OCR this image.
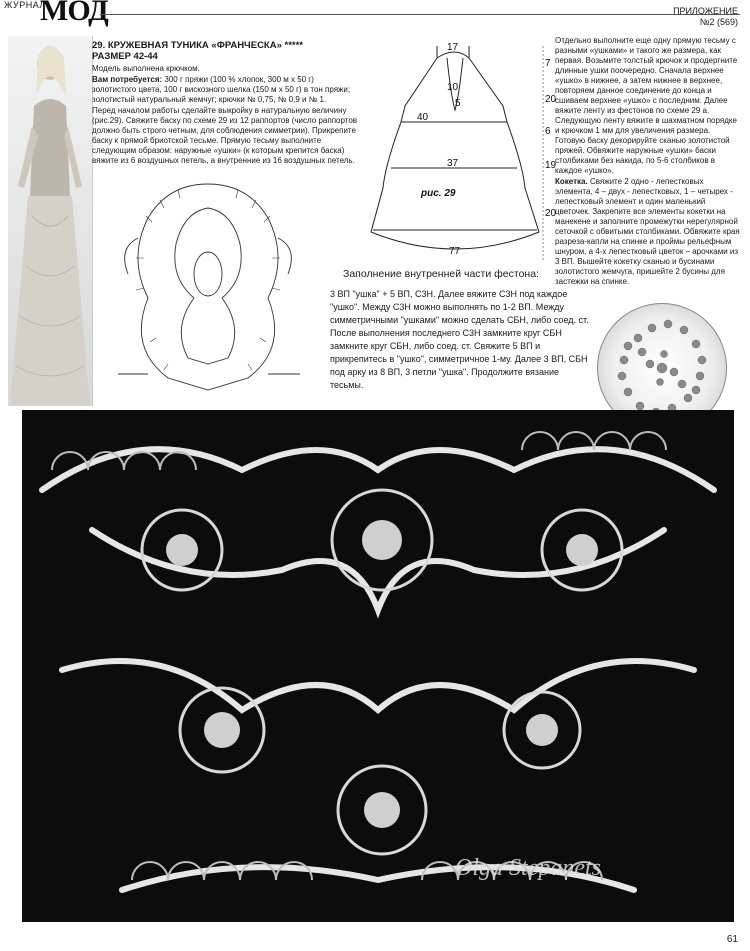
ЖУРНАЛ
МОД	ПРИЛОЖЕНИЕ
№2 (569)
29. КРУЖЕВНАЯ ТУНИКА «ФРАНЧЕСКА» *****
РАЗМЕР 42-44

Модель выполнена крючком.

Вам потребуется: 300 г пряжи (100 % хлопок, 300 м х 50 г) золотистого цвета, 100 г вискозного шелка (150 м х 50 г) в тон пряжи; золотистый натуральный жемчуг; крючки № 0,75, № 0,9 и № 1.

Перед началом работы сделайте выкройку в натуральную величину (рис.29). Свяжите баску по схеме 29 из 12 раппортов (число раппортов должно быть строго четным, для соблюдения симметрии). Прикрепите баску к прямой бриотской тесьме. Прямую тесьму выполните следующим образом: наружные «ушки» (к которым крепится баска) вяжите из 6 воздушных петель, а внутренние из 16 воздушных петель.

17
10
5
40
37
77
рис. 29
7
20
6
19
20

Отдельно выполните еще одну прямую тесьму с разными «ушками» и такого же размера, как первая. Возьмите толстый крючок и продергните длинные ушки поочередно. Сначала верхнее «ушко» в нижнее, а затем нижнее в верхнее, повторяем данное соединение до конца и сшиваем верхнее «ушко» с последним. Далее вяжите ленту из фестонов по схеме 29 а. Следующую ленту вяжите в шахматном порядке и крючком 1 мм для увеличения размера. Готовую баску декорируйте сканью золотистой пряжей. Обвяжите наружные «ушки» баски столбиками без накида, по 5-6 столбиков в каждое «ушко».

Кокетка. Свяжите 2 одно - лепестковых элемента, 4 – двух - лепестковых, 1 – четырех - лепестковый элемент и один маленький цветочек. Закрепите все элементы кокетки на манекене и заполните промежутки нерегулярной сеточкой с обвитыми столбиками. Обвяжите края разреза-капли на спинке и проймы рельефным шнуром, а 4-х лепестковый цветок – арочками из 3 ВП. Вышейте кокетку сканью и бусинами золотистого жемчуга, пришейте 2 бусины для застежки на спинке.

Заполнение внутренней части фестона:
3 ВП "ушка" + 5 ВП, С3Н. Далее вяжите С3Н под каждое "ушко". Между С3Н можно выполнять по 1-2 ВП. Между симметричными "ушками" можно сделать СБН, либо соед. ст. После выполнения последнего С3Н замкните круг СБН замкните круг СБН, либо соед. ст. Свяжите 5 ВП и прикрепитесь в "ушко", симметричное 1-му. Далее 3 ВП, СБН под арку из 8 ВП, 3 петли "ушка". Продолжите вязание тесьмы.
Olga Stepanets
61
